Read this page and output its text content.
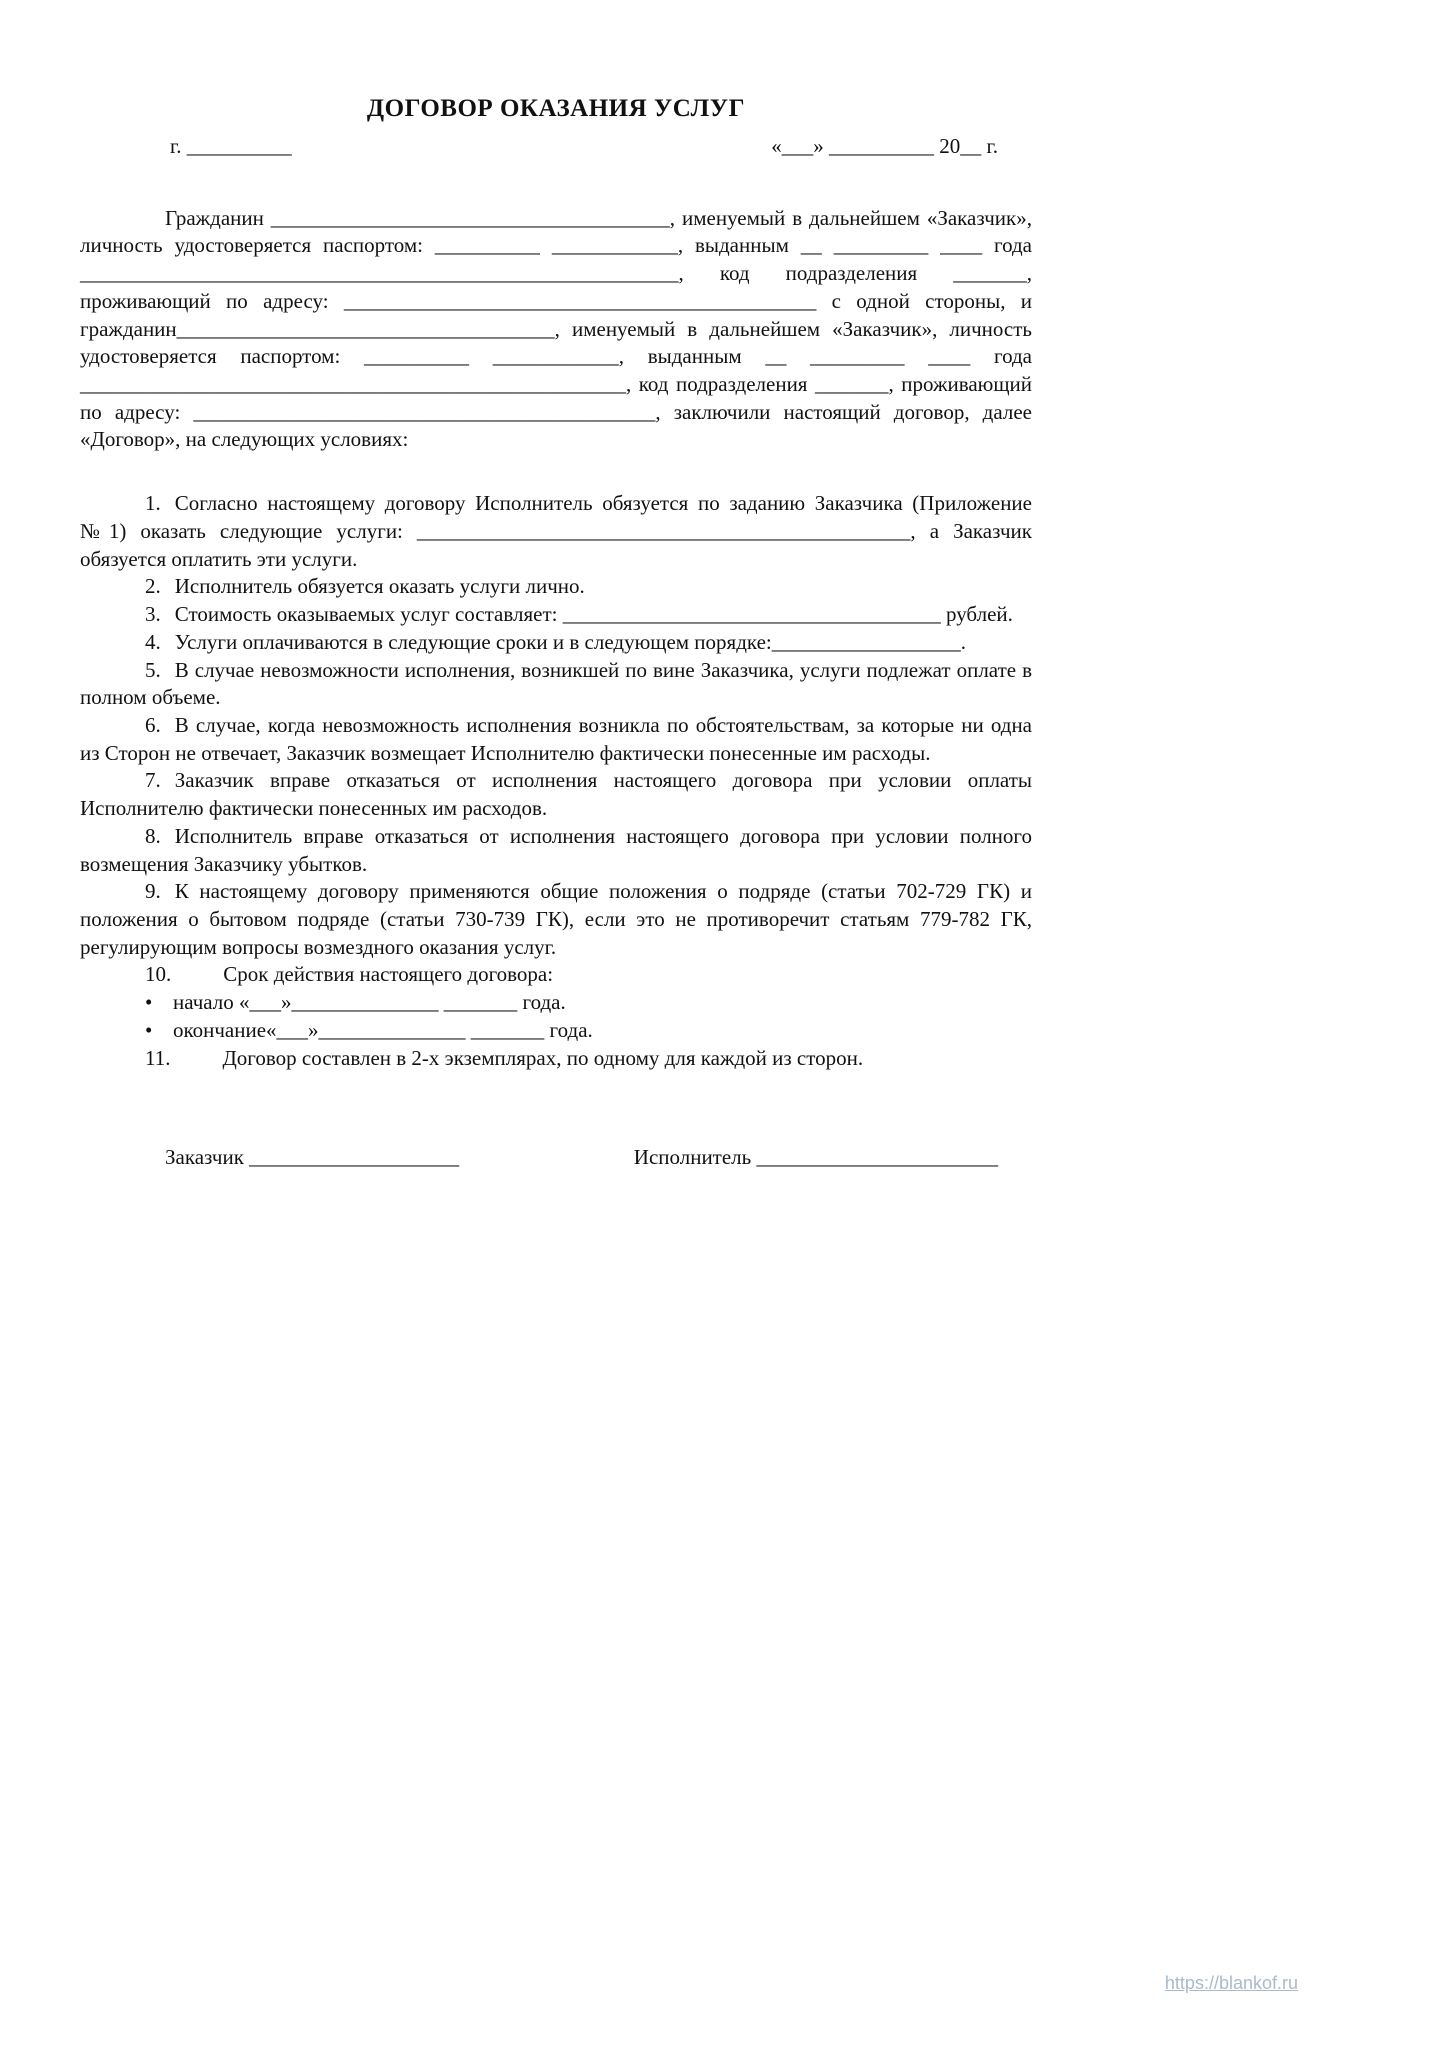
ДОГОВОР ОКАЗАНИЯ УСЛУГ
г. __________	«___» __________ 20__ г.

Гражданин ______________________________________, именуемый в дальнейшем «Заказчик», личность удостоверяется паспортом: __________ ____________, выданным __ _________ ____ года _________________________________________________________, код подразделения _______, проживающий по адресу: _____________________________________________ с одной стороны, и гражданин____________________________________, именуемый в дальнейшем «Заказчик», личность удостоверяется паспортом: __________ ____________, выданным __ _________ ____ года ____________________________________________________, код подразделения _______, проживающий по адресу: ____________________________________________, заключили настоящий договор, далее «Договор», на следующих условиях:

1. Согласно настоящему договору Исполнитель обязуется по заданию Заказчика (Приложение №1) оказать следующие услуги: _______________________________________________, а Заказчик обязуется оплатить эти услуги.

2. Исполнитель обязуется оказать услуги лично.

3. Стоимость оказываемых услуг составляет: ____________________________________ рублей.

4. Услуги оплачиваются в следующие сроки и в следующем порядке:__________________.

5. В случае невозможности исполнения, возникшей по вине Заказчика, услуги подлежат оплате в полном объеме.

6. В случае, когда невозможность исполнения возникла по обстоятельствам, за которые ни одна из Сторон не отвечает, Заказчик возмещает Исполнителю фактически понесенные им расходы.

7. Заказчик вправе отказаться от исполнения настоящего договора при условии оплаты Исполнителю фактически понесенных им расходов.

8. Исполнитель вправе отказаться от исполнения настоящего договора при условии полного возмещения Заказчику убытков.

9. К настоящему договору применяются общие положения о подряде (статьи 702-729 ГК) и положения о бытовом подряде (статьи 730-739 ГК), если это не противоречит статьям 779-782 ГК, регулирующим вопросы возмездного оказания услуг.

10. Срок действия настоящего договора:

• начало «___»______________ _______ года.

• окончание«___»______________ _______ года.

11. Договор составлен в 2-х экземплярах, по одному для каждой из сторон.

Заказчик ____________________	Исполнитель _______________________
https://blankof.ru
